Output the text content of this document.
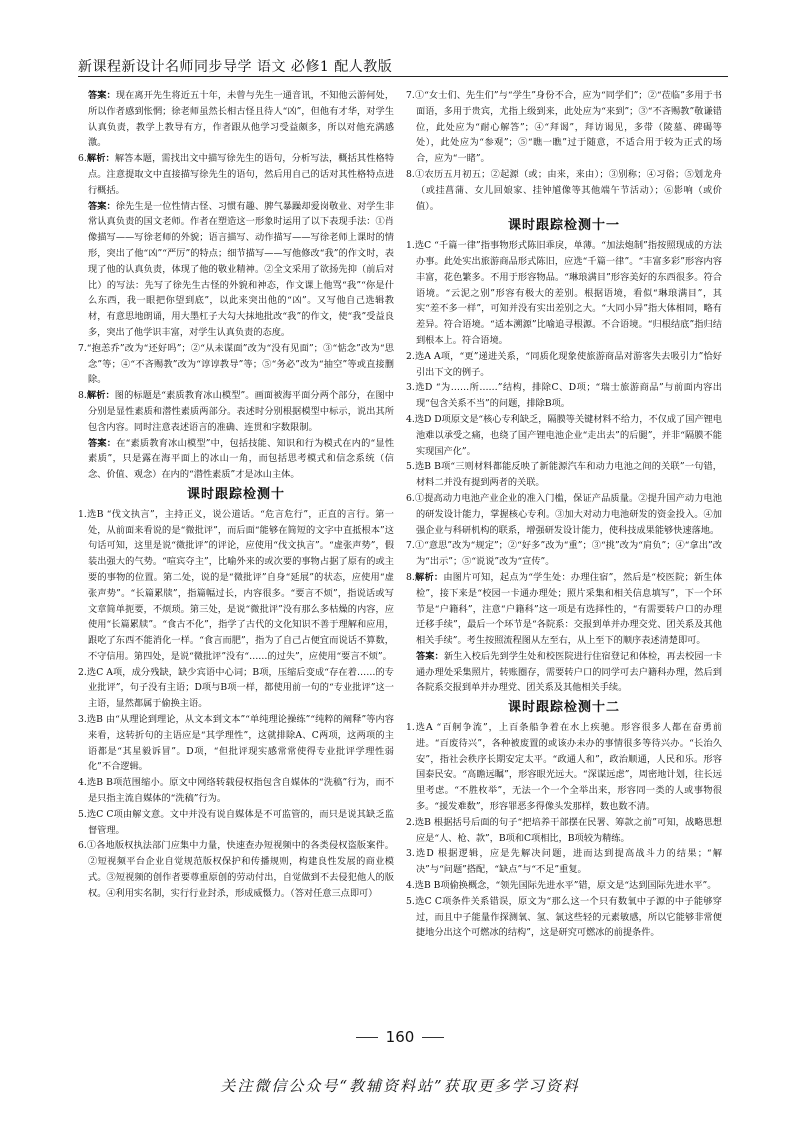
新课程新设计名师同步导学 语文 必修1 配人教版

答案：现在离开先生将近五十年，未曾与先生一通音讯，不知他云游何处，所以作者感到怅惘；徐老师虽然长相古怪且待人“凶”，但他有才华，对学生认真负责，教学上教导有方，作者跟从他学习受益颇多，所以对他充满感激。

6.解析：解答本题，需找出文中描写徐先生的语句，分析写法，概括其性格特点。注意提取文中直接描写徐先生的语句，然后用自己的话对其性格特点进行概括。

答案：徐先生是一位性情古怪、习惯有趣、脾气暴躁却爱岗敬业、对学生非常认真负责的国文老师。作者在塑造这一形象时运用了以下表现手法：①肖像描写——写徐老师的外貌；语言描写、动作描写——写徐老师上课时的情形，突出了他“凶”“严厉”的特点；细节描写——写他修改“我”的作文时，表现了他的认真负责，体现了他的敬业精神。②全文采用了欲扬先抑（前后对比）的写法：先写了徐先生古怪的外貌和神态，作文课上他骂“我”“你是什么东西，我一眼把你望到底”，以此来突出他的“凶”。又写他自己选辑教材，有意思地朗诵，用大墨杠子大勾大抹地批改“我”的作文，使“我”受益良多，突出了他学识丰富，对学生认真负责的态度。

7.“抱恙乔”改为“还好吗”；②“从未谋面”改为“没有见面”；③“惦念”改为“思念”等；④“不吝赐教”改为“谆谆教导”等；⑤“务必”改为“抽空”等或直接删除。

8.解析：图的标题是“素质教育冰山模型”。画面被海平面分两个部分，在图中分别是显性素质和潜性素质两部分。表述时分别根据模型中标示，说出其所包含内容。同时注意表述语言的准确、连贯和字数限制。

答案：在“素质教育冰山模型”中，包括技能、知识和行为模式在内的“显性素质”，只是露在海平面上的冰山一角，而包括思考模式和信念系统（信念、价值、观念）在内的“潜性素质”才是冰山主体。

课时跟踪检测十

1.选B “伐文执言”，主持正义，说公道话。“危言危行”，正直的言行。第一处，从前面来看说的是“微批评”，而后面“能够在简短的文字中直抵根本”这句话可知，这里是说“微批评”的评论，应使用“伐文执言”。“虚张声势”，假装出强大的气势。“喧宾夺主”，比喻外来的或次要的事物占据了原有的或主要的事物的位置。第二处，说的是“微批评”自身“延展”的状态，应使用“虚张声势”。“长篇累牍”，指篇幅过长，内容很多。“要言不烦”，指说话或写文章简单扼要，不烦琐。第三处，是说“微批评”没有那么多枯燥的内容，应使用“长篇累牍”。“食古不化”，指学了古代的文化知识不善于理解和应用，跟吃了东西不能消化一样。“食言而肥”，指为了自己占便宜而说话不算数，不守信用。第四处，是说“微批评”没有“……的过失”，应使用“要言不烦”。

2.选C A项，成分残缺，缺少宾语中心词；B项，压缩后变成“存在着……的专业批评”，句子没有主语；D项与B项一样，都使用前一句的“专业批评”这一主语，显然都属于偷换主语。

3.选B 由“从理论到理论，从文本到文本”“单纯理论操练”“纯粹的阐释”等内容来看，这转折句的主语应是“其学理性”，这就排除A、C两项，这两项的主语都是“其星毅诉冒”。D项，“但批评现实感常常使得专业批评学理性弱化”不合逻辑。

4.选B B项范围缩小。原文中网络转载侵权指包含自媒体的“洗稿”行为，而不是只指主流自媒体的“洗稿”行为。

5.选C C项由解文意。文中并没有说自媒体是不可监管的，而只是说其缺乏监督管理。

6.①各地版权执法部门应集中力量，快速查办短视频中的各类侵权盗版案件。②短视频平台企业自觉规范版权保护和传播规则，构建良性发展的商业模式。③短视频的创作者要尊重原创的劳动付出，自觉做到不去侵犯他人的版权。④利用实名制，实行行业封杀，形成威慑力。（答对任意三点即可）

7.①“女士们、先生们”与“学生”身份不合，应为“同学们”；②“莅临”多用于书面语，多用于贵宾，尤指上级到来，此处应为“来到”；③“不吝赐教”敬谦错位，此处应为“耐心解答”；④“拜谒”，拜访谒见，多带（陵墓、碑碣等处），此处应为“参观”；⑤“瞧一瞧”过于随意，不适合用于较为正式的场合，应为“一睹”。

8.①农历五月初五；②起源（或；由来，来由）；③别称；④习俗；⑤划龙舟（或挂菖蒲、女儿回娘家、挂钟馗像等其他端午节活动）；⑥影响（或价值）。

课时跟踪检测十一

1.选C “千篇一律”指事物形式陈旧乖戾，单薄。“加法炮制”指按照现成的方法办事。此处实出旅游商品形式陈旧，应选“千篇一律”。“丰富多彩”形容内容丰富，花色繁多。不用于形容物品。“琳琅满目”形容美好的东西很多。符合语境。“云泥之别”形容有极大的差别。根据语境，看似“琳琅满目”，其实“差不多一样”，可知并没有实出差别之大。“大同小异”指大体相同，略有差异。符合语境。“适本溯源”比喻追寻根源。不合语境。“归根结底”指归结到根本上。符合语境。

2.选A A项，“更”递进关系，“同质化现象使旅游商品对游客失去吸引力”恰好引出下文的例子。

3.选D “为……所……”结构，排除C、D项；“瑞士旅游商品”与前面内容出现“包含关系不当”的问题，排除B项。

4.选D D项原文是“核心专利缺乏，隔膜等关键材料不给力，不仅成了国产锂电池难以承受之痛，也绕了国产锂电池企业“走出去”的后腿”，并非“隔膜不能实现国产化”。

5.选B B项“三则材料都能反映了新能源汽车和动力电池之间的关联”一句错，材料二并没有提到两者的关联。

6.①提高动力电池产业企业的准入门槛，保证产品质量。②提升国产动力电池的研发设计能力，掌握核心专利。③加大对动力电池研发的资金投入。④加强企业与科研机构的联系，增强研发设计能力，使科技成果能够快速落地。

7.①“意思”改为“规定”；②“好多”改为“重”；③“挑”改为“肩负”；④“拿出”改为“出示”；⑤“说说”改为“宣传”。

8.解析：由图片可知，起点为“学生处：办理住宿”，然后是“校医院；新生体检”，接下来是“校园一卡通办理处；照片采集和相关信息填写”，下一个环节是“户籍科”，注意“户籍科”这一项是有选择性的，“有需要转户口的办理迁移手续”，最后一个环节是“各院系：交报到单并办理交党、团关系及其他相关手续”。考生按照流程图从左至右，从上至下的顺序表述清楚即可。

答案：新生入校后先到学生处和校医院进行住宿登记和体检，再去校园一卡通办理处采集照片，转账圈存，需要转户口的同学可去户籍科办理，然后到各院系交报到单并办理党、团关系及其他相关手续。

课时跟踪检测十二

1.选A “百舸争流”，上百条船争着在水上疾驰。形容很多人都在奋勇前进。“百废待兴”，各种被废置的或该办未办的事情很多等待兴办。“长治久安”，指社会秩序长期安定太平。“政通人和”，政治顺通，人民和乐。形容国泰民安。“高瞻远瞩”，形容眼光远大。“深谋远虑”，周密地计划，往长远里考虑。“不胜枚举”，无法一个一个全举出来，形容同一类的人或事物很多。“援发难数”，形容罪恶多得像头发那样，数也数不清。

2.选B 根据括号后面的句子“把培养干部摆在民署、筹款之前”可知，战略思想应是“人、枪、款”，B项和C项相比，B项较为精练。

3.选D 根据逻辑，应是先解决问题，进而达到提高战斗力的结果；“解决”与“问题”搭配，“缺点”与“不足”重复。

4.选B B项偷换概念，“领先国际先进水平”错，原文是“达到国际先进水平”。

5.选C C项条件关系错误，原文为“那么这一个只有数氧中子源的中子能够穿过，而且中子能量作探测氧、氢、氯这些轻的元素敏感，所以它能够非常便捷地分出这个可燃冰的结构”，这是研究可燃冰的前提条件。

160
关注微信公众号“教辅资料站”获取更多学习资料
